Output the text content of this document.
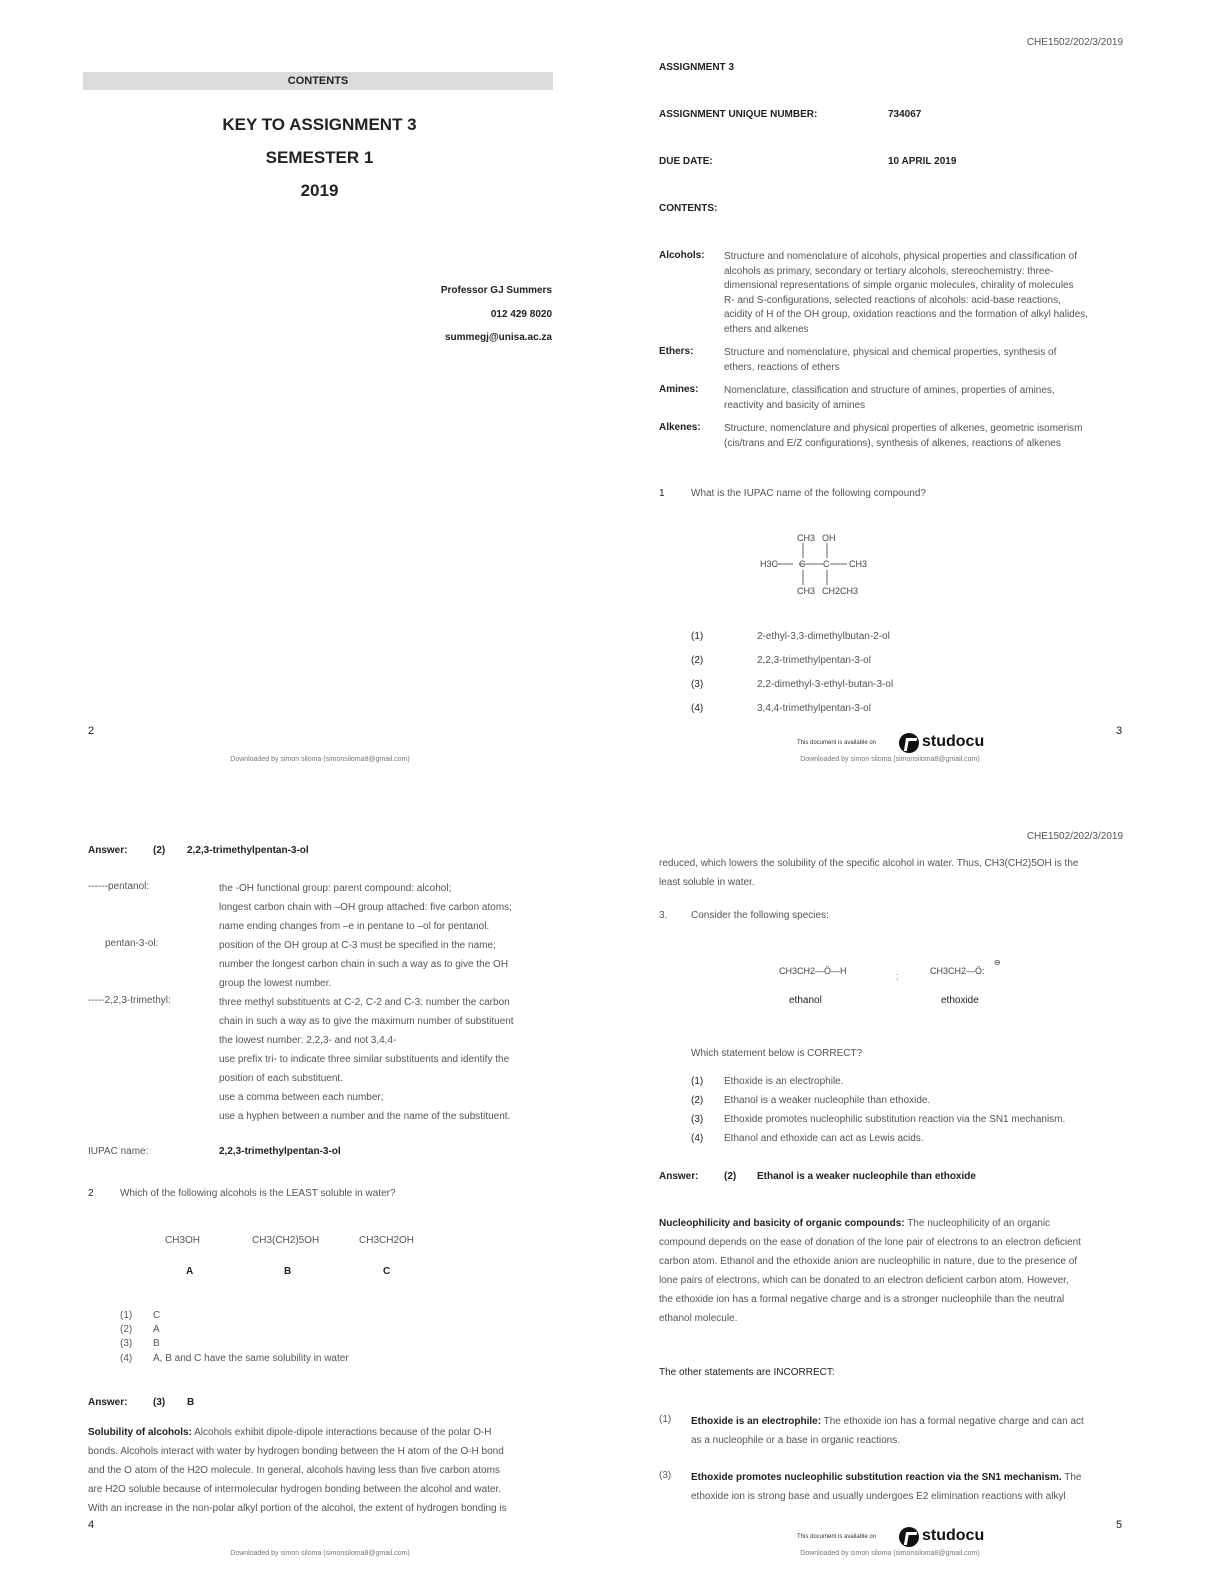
CONTENTS
KEY TO ASSIGNMENT 3
SEMESTER 1
2019
Professor GJ Summers
012 429 8020
summegj@unisa.ac.za
2
Downloaded by simon siloma (simonsiloma8@gmail.com)
CHE1502/202/3/2019
ASSIGNMENT 3
ASSIGNMENT UNIQUE NUMBER:	734067
DUE DATE:	10 APRIL 2019
CONTENTS:
Alcohols: Structure and nomenclature of alcohols, physical properties and classification of
alcohols as primary, secondary or tertiary alcohols, stereochemistry: three-
dimensional representations of simple organic molecules, chirality of molecules
R- and S-configurations, selected reactions of alcohols: acid-base reactions,
acidity of H of the OH group, oxidation reactions and the formation of alkyl halides,
ethers and alkenes
Ethers:	Structure and nomenclature, physical and chemical properties, synthesis of
ethers, reactions of ethers
Amines:	Nomenclature, classification and structure of amines, properties of amines,
reactivity and basicity of amines
Alkenes: Structure, nomenclature and physical properties of alkenes, geometric isomerism
(cis/trans and E/Z configurations), synthesis of alkenes, reactions of alkenes
1	What is the IUPAC name of the following compound?
CH3 OH
H3C C C CH3
CH3 CH2CH3
(1)	2-ethyl-3,3-dimethylbutan-2-ol
(2)	2,2,3-trimethylpentan-3-ol
(3)	2,2-dimethyl-3-ethyl-butan-3-ol
(4)	3,4,4-trimethylpentan-3-ol
3
This document is available on	studocu
Downloaded by simon siloma (simonsiloma8@gmail.com)
Answer:	(2) 2,2,3-trimethylpentan-3-ol
------pentanol:	the -OH functional group: parent compound: alcohol;
longest carbon chain with –OH group attached: five carbon atoms;
name ending changes from –e in pentane to –ol for pentanol.
pentan-3-ol:	position of the OH group at C-3 must be specified in the name;
number the longest carbon chain in such a way as to give the OH
group the lowest number.
-----2,2,3-trimethyl:	three methyl substituents at C-2, C-2 and C-3: number the carbon
chain in such a way as to give the maximum number of substituent
the lowest number: 2,2,3- and not 3,4,4-
use prefix tri- to indicate three similar substituents and identify the
position of each substituent.
use a comma between each number;
use a hyphen between a number and the name of the substituent.
IUPAC name:	2,2,3-trimethylpentan-3-ol
2	Which of the following alcohols is the LEAST soluble in water?
CH3OH	CH3(CH2)5OH	CH3CH2OH
A	B	C
(1) C
(2) A
(3) B
(4) A, B and C have the same solubility in water
Answer:	(3) B
Solubility of alcohols: Alcohols exhibit dipole-dipole interactions because of the polar O-H
bonds. Alcohols interact with water by hydrogen bonding between the H atom of the O-H bond
and the O atom of the H2O molecule. In general, alcohols having less than five carbon atoms
are H2O soluble because of intermolecular hydrogen bonding between the alcohol and water.
With an increase in the non-polar alkyl portion of the alcohol, the extent of hydrogen bonding is
4
Downloaded by simon siloma (simonsiloma8@gmail.com)
CHE1502/202/3/2019
reduced, which lowers the solubility of the specific alcohol in water. Thus, CH3(CH2)5OH is the
least soluble in water.
3. Consider the following species:
CH3CH2—Ö—H	;	CH3CH2—Ö:
⊖
ethanol	ethoxide
Which statement below is CORRECT?
(1) Ethoxide is an electrophile.
(2) Ethanol is a weaker nucleophile than ethoxide.
(3) Ethoxide promotes nucleophilic substitution reaction via the SN1 mechanism.
(4) Ethanol and ethoxide can act as Lewis acids.
Answer:	(2) Ethanol is a weaker nucleophile than ethoxide
Nucleophilicity and basicity of organic compounds: The nucleophilicity of an organic
compound depends on the ease of donation of the lone pair of electrons to an electron deficient
carbon atom. Ethanol and the ethoxide anion are nucleophilic in nature, due to the presence of
lone pairs of electrons, which can be donated to an electron deficient carbon atom. However,
the ethoxide ion has a formal negative charge and is a stronger nucleophile than the neutral
ethanol molecule.
The other statements are INCORRECT:
(1) Ethoxide is an electrophile: The ethoxide ion has a formal negative charge and can act
as a nucleophile or a base in organic reactions.
(3) Ethoxide promotes nucleophilic substitution reaction via the SN1 mechanism. The
ethoxide ion is strong base and usually undergoes E2 elimination reactions with alkyl
5
This document is available on	studocu
Downloaded by simon siloma (simonsiloma8@gmail.com)
